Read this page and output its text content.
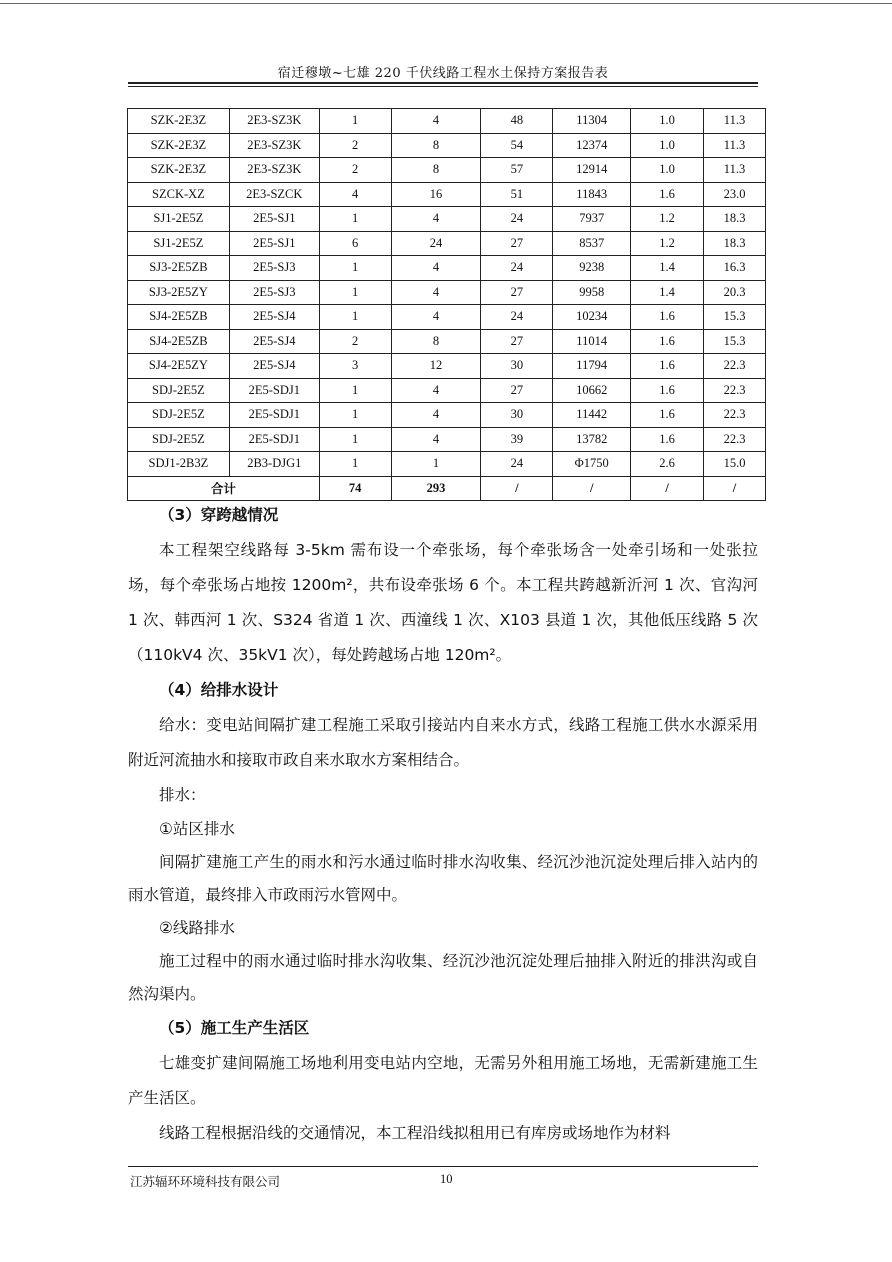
宿迁穆墩~七雄 220 千伏线路工程水土保持方案报告表
SZK-2E3Z	2E3-SZ3K	1	4	48	11304	1.0	11.3
SZK-2E3Z	2E3-SZ3K	2	8	54	12374	1.0	11.3
SZK-2E3Z	2E3-SZ3K	2	8	57	12914	1.0	11.3
SZCK-XZ	2E3-SZCK	4	16	51	11843	1.6	23.0
SJ1-2E5Z	2E5-SJ1	1	4	24	7937	1.2	18.3
SJ1-2E5Z	2E5-SJ1	6	24	27	8537	1.2	18.3
SJ3-2E5ZB	2E5-SJ3	1	4	24	9238	1.4	16.3
SJ3-2E5ZY	2E5-SJ3	1	4	27	9958	1.4	20.3
SJ4-2E5ZB	2E5-SJ4	1	4	24	10234	1.6	15.3
SJ4-2E5ZB	2E5-SJ4	2	8	27	11014	1.6	15.3
SJ4-2E5ZY	2E5-SJ4	3	12	30	11794	1.6	22.3
SDJ-2E5Z	2E5-SDJ1	1	4	27	10662	1.6	22.3
SDJ-2E5Z	2E5-SDJ1	1	4	30	11442	1.6	22.3
SDJ-2E5Z	2E5-SDJ1	1	4	39	13782	1.6	22.3
SDJ1-2B3Z	2B3-DJG1	1	1	24	Φ1750	2.6	15.0
合计		74	293	/	/	/	/

（3）穿跨越情况

本工程架空线路每 3-5km 需布设一个牵张场，每个牵张场含一处牵引场和一处张拉场，每个牵张场占地按 1200m²，共布设牵张场 6 个。本工程共跨越新沂河 1 次、官沟河 1 次、韩西河 1 次、S324 省道 1 次、西潼线 1 次、X103 县道 1 次，其他低压线路 5 次（110kV4 次、35kV1 次），每处跨越场占地 120m²。

（4）给排水设计

给水：变电站间隔扩建工程施工采取引接站内自来水方式，线路工程施工供水水源采用附近河流抽水和接取市政自来水取水方案相结合。

排水：

①站区排水

间隔扩建施工产生的雨水和污水通过临时排水沟收集、经沉沙池沉淀处理后排入站内的雨水管道，最终排入市政雨污水管网中。

②线路排水

施工过程中的雨水通过临时排水沟收集、经沉沙池沉淀处理后抽排入附近的排洪沟或自然沟渠内。

（5）施工生产生活区

七雄变扩建间隔施工场地利用变电站内空地，无需另外租用施工场地，无需新建施工生产生活区。

线路工程根据沿线的交通情况，本工程沿线拟租用已有库房或场地作为材料

江苏辐环环境科技有限公司	10
